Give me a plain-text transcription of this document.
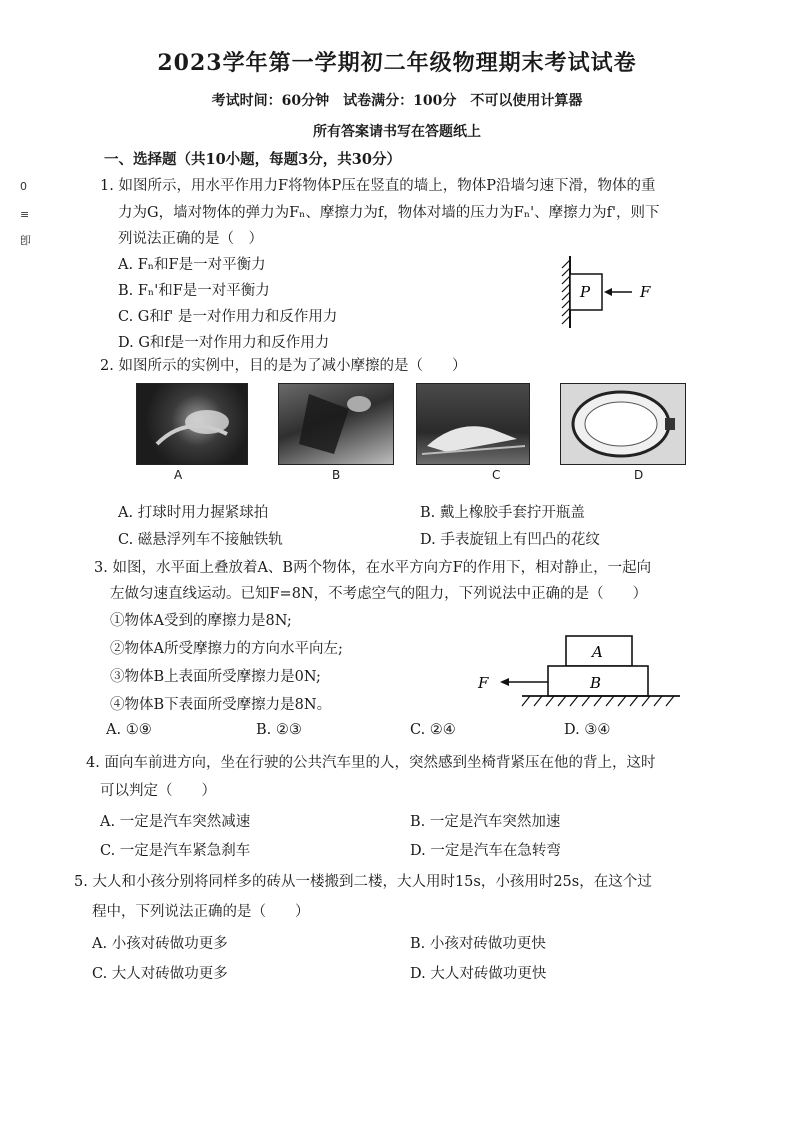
2023学年第一学期初二年级物理期末考试试卷
考试时间：60分钟　试卷满分：100分　不可以使用计算器
所有答案请书写在答题纸上
0
≡
卽
一、选择题（共10小题，每题3分，共30分）
1. 如图所示，用水平作用力F将物体P压在竖直的墙上，物体P沿墙匀速下滑，物体的重
力为G，墙对物体的弹力为Fₙ、摩擦力为f，物体对墙的压力为Fₙ'、摩擦力为f'，则下
列说法正确的是（　）
A. Fₙ和F是一对平衡力
B. Fₙ'和F是一对平衡力
C. G和f' 是一对作用力和反作用力
D. G和f是一对作用力和反作用力
P	F
2. 如图所示的实例中，目的是为了减小摩擦的是（　　）
A	B	C	D
A. 打球时用力握紧球拍	B. 戴上橡胶手套拧开瓶盖
C. 磁悬浮列车不接触铁轨	D. 手表旋钮上有凹凸的花纹
3. 如图，水平面上叠放着A、B两个物体，在水平方向方F的作用下，相对静止，一起向
左做匀速直线运动。已知F=8N，不考虑空气的阻力，下列说法中正确的是（　　）
①物体A受到的摩擦力是8N;
②物体A所受摩擦力的方向水平向左;
③物体B上表面所受摩擦力是0N;
④物体B下表面所受摩擦力是8N。
A. ①⑨	B. ②③	C. ②④	D. ③④
A
B
F
4. 面向车前进方向，坐在行驶的公共汽车里的人，突然感到坐椅背紧压在他的背上，这时
可以判定（　　）
A. 一定是汽车突然减速	B. 一定是汽车突然加速
C. 一定是汽车紧急刹车	D. 一定是汽车在急转弯
5. 大人和小孩分别将同样多的砖从一楼搬到二楼，大人用时15s，小孩用时25s，在这个过
程中，下列说法正确的是（　　）
A. 小孩对砖做功更多	B. 小孩对砖做功更快
C. 大人对砖做功更多	D. 大人对砖做功更快
